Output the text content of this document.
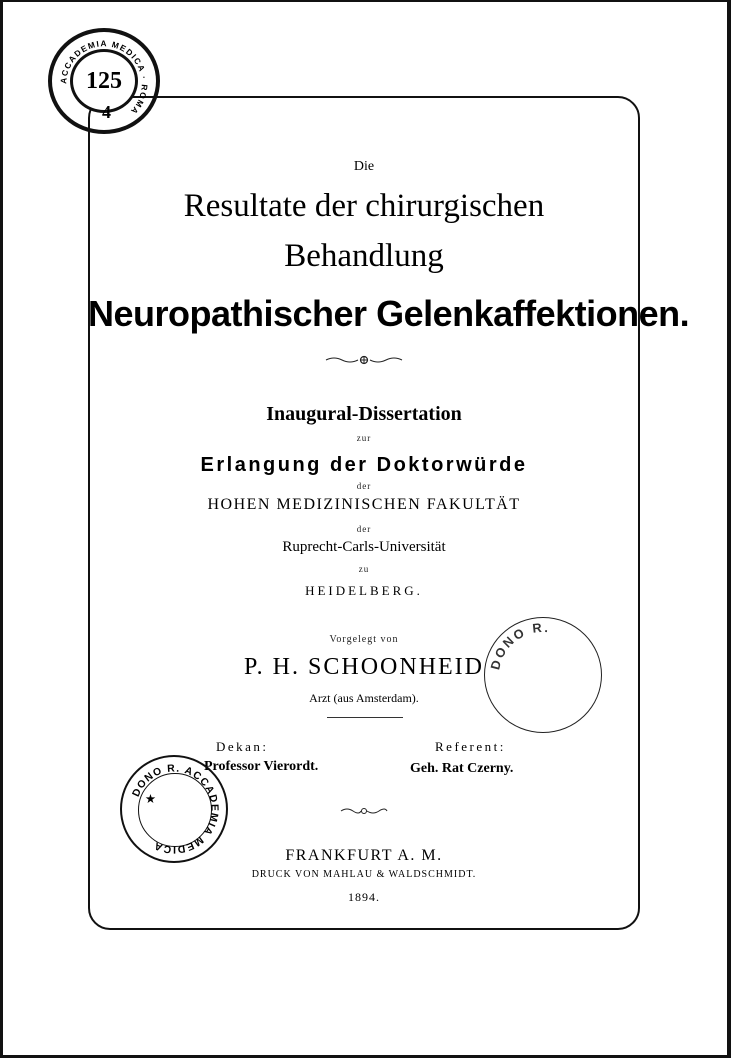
ACCADEMIA MEDICA · ROMA
125
4
Die
Resultate der chirurgischen
Behandlung
Neuropathischer Gelenkaffektionen.
Inaugural-Dissertation
zur
Erlangung der Doktorwürde
der
HOHEN MEDIZINISCHEN FAKULTÄT
der
Ruprecht-Carls-Universität
zu
HEIDELBERG.
Vorgelegt von
P. H. SCHOONHEID
Arzt (aus Amsterdam).
Dekan:
Professor Vierordt.
Referent:
Geh. Rat Czerny.
FRANKFURT A. M.
DRUCK VON MAHLAU & WALDSCHMIDT.
1894.
DONO R. ACCADEMIA MEDICA
★
DONO R.
